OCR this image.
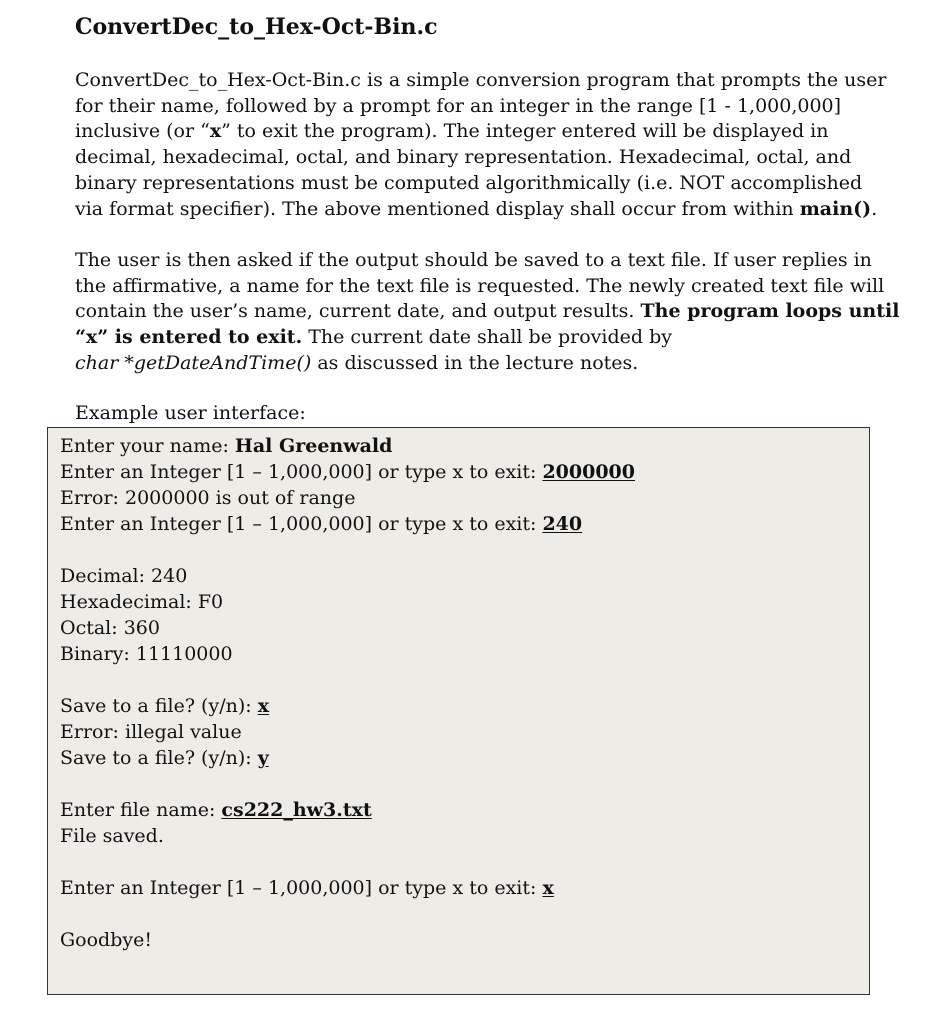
ConvertDec_to_Hex-Oct-Bin.c
ConvertDec_to_Hex-Oct-Bin.c is a simple conversion program that prompts the user
for their name, followed by a prompt for an integer in the range [1 - 1,000,000]
inclusive (or “x” to exit the program). The integer entered will be displayed in
decimal, hexadecimal, octal, and binary representation. Hexadecimal, octal, and
binary representations must be computed algorithmically (i.e. NOT accomplished
via format specifier). The above mentioned display shall occur from within main().
The user is then asked if the output should be saved to a text file. If user replies in
the affirmative, a name for the text file is requested. The newly created text file will
contain the user’s name, current date, and output results. The program loops until
“x” is entered to exit. The current date shall be provided by
char *getDateAndTime() as discussed in the lecture notes.
Example user interface:
Enter your name: Hal Greenwald
Enter an Integer [1 – 1,000,000] or type x to exit: 2000000
Error: 2000000 is out of range
Enter an Integer [1 – 1,000,000] or type x to exit: 240
Decimal: 240
Hexadecimal: F0
Octal: 360
Binary: 11110000
Save to a file? (y/n): x
Error: illegal value
Save to a file? (y/n): y
Enter file name: cs222_hw3.txt
File saved.
Enter an Integer [1 – 1,000,000] or type x to exit: x
Goodbye!
